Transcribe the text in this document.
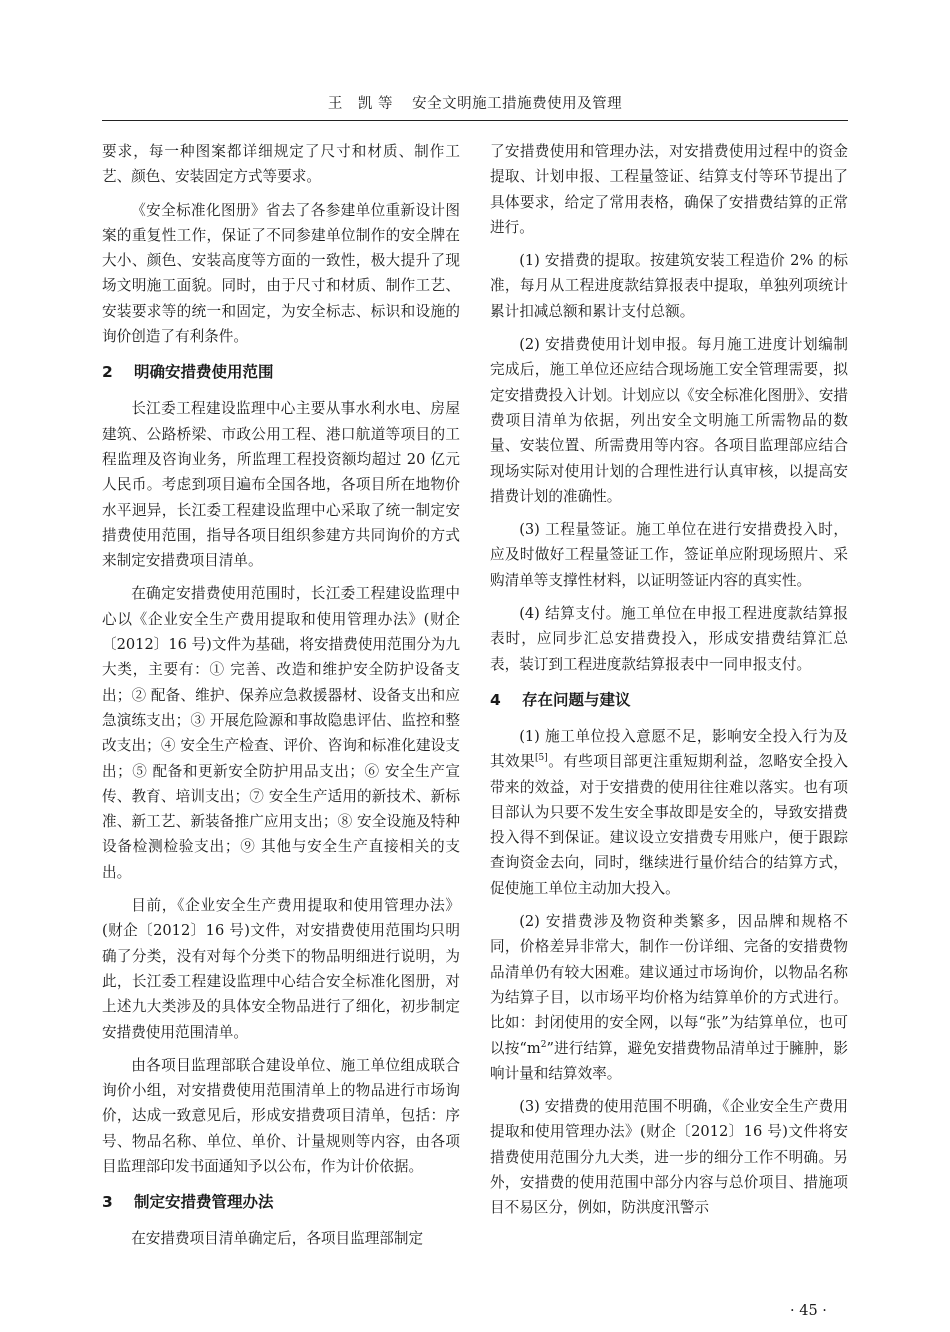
王　凯 等 安全文明施工措施费使用及管理

要求，每一种图案都详细规定了尺寸和材质、制作工艺、颜色、安装固定方式等要求。

《安全标准化图册》省去了各参建单位重新设计图案的重复性工作，保证了不同参建单位制作的安全牌在大小、颜色、安装高度等方面的一致性，极大提升了现场文明施工面貌。同时，由于尺寸和材质、制作工艺、安装要求等的统一和固定，为安全标志、标识和设施的询价创造了有利条件。

2 明确安措费使用范围

长江委工程建设监理中心主要从事水利水电、房屋建筑、公路桥梁、市政公用工程、港口航道等项目的工程监理及咨询业务，所监理工程投资额均超过 20 亿元人民币。考虑到项目遍布全国各地，各项目所在地物价水平迥异，长江委工程建设监理中心采取了统一制定安措费使用范围，指导各项目组织参建方共同询价的方式来制定安措费项目清单。

在确定安措费使用范围时，长江委工程建设监理中心以《企业安全生产费用提取和使用管理办法》(财企〔2012〕16 号)文件为基础，将安措费使用范围分为九大类，主要有：① 完善、改造和维护安全防护设备支出；② 配备、维护、保养应急救援器材、设备支出和应急演练支出；③ 开展危险源和事故隐患评估、监控和整改支出；④ 安全生产检查、评价、咨询和标准化建设支出；⑤ 配备和更新安全防护用品支出；⑥ 安全生产宣传、教育、培训支出；⑦ 安全生产适用的新技术、新标准、新工艺、新装备推广应用支出；⑧ 安全设施及特种设备检测检验支出；⑨ 其他与安全生产直接相关的支出。

目前，《企业安全生产费用提取和使用管理办法》(财企〔2012〕16 号)文件，对安措费使用范围均只明确了分类，没有对每个分类下的物品明细进行说明，为此，长江委工程建设监理中心结合安全标准化图册，对上述九大类涉及的具体安全物品进行了细化，初步制定安措费使用范围清单。

由各项目监理部联合建设单位、施工单位组成联合询价小组，对安措费使用范围清单上的物品进行市场询价，达成一致意见后，形成安措费项目清单，包括：序号、物品名称、单位、单价、计量规则等内容，由各项目监理部印发书面通知予以公布，作为计价依据。

3 制定安措费管理办法

在安措费项目清单确定后，各项目监理部制定

了安措费使用和管理办法，对安措费使用过程中的资金提取、计划申报、工程量签证、结算支付等环节提出了具体要求，给定了常用表格，确保了安措费结算的正常进行。

(1) 安措费的提取。按建筑安装工程造价 2% 的标准，每月从工程进度款结算报表中提取，单独列项统计累计扣减总额和累计支付总额。

(2) 安措费使用计划申报。每月施工进度计划编制完成后，施工单位还应结合现场施工安全管理需要，拟定安措费投入计划。计划应以《安全标准化图册》、安措费项目清单为依据，列出安全文明施工所需物品的数量、安装位置、所需费用等内容。各项目监理部应结合现场实际对使用计划的合理性进行认真审核，以提高安措费计划的准确性。

(3) 工程量签证。施工单位在进行安措费投入时，应及时做好工程量签证工作，签证单应附现场照片、采购清单等支撑性材料，以证明签证内容的真实性。

(4) 结算支付。施工单位在申报工程进度款结算报表时，应同步汇总安措费投入，形成安措费结算汇总表，装订到工程进度款结算报表中一同申报支付。

4 存在问题与建议

(1) 施工单位投入意愿不足，影响安全投入行为及其效果[5]。有些项目部更注重短期利益，忽略安全投入带来的效益，对于安措费的使用往往难以落实。也有项目部认为只要不发生安全事故即是安全的，导致安措费投入得不到保证。建议设立安措费专用账户，便于跟踪查询资金去向，同时，继续进行量价结合的结算方式，促使施工单位主动加大投入。

(2) 安措费涉及物资种类繁多，因品牌和规格不同，价格差异非常大，制作一份详细、完备的安措费物品清单仍有较大困难。建议通过市场询价，以物品名称为结算子目，以市场平均价格为结算单价的方式进行。比如：封闭使用的安全网，以每“张”为结算单位，也可以按“$m^2$”进行结算，避免安措费物品清单过于臃肿，影响计量和结算效率。

(3) 安措费的使用范围不明确，《企业安全生产费用提取和使用管理办法》(财企〔2012〕16 号)文件将安措费使用范围分九大类，进一步的细分工作不明确。另外，安措费的使用范围中部分内容与总价项目、措施项目不易区分，例如，防洪度汛警示

· 45 ·
